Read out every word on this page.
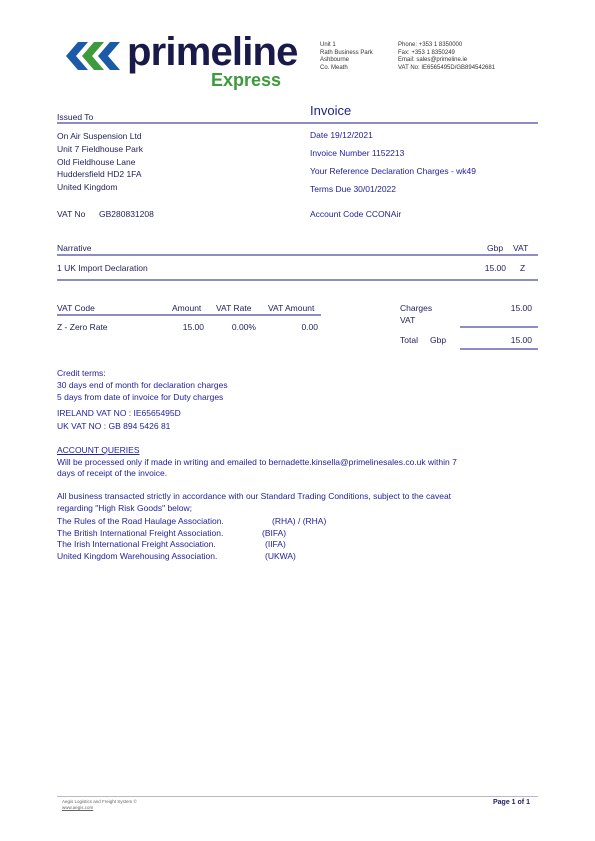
primeline
Express
Unit 1
Rath Business Park
Ashbourne
Co. Meath
Phone: +353 1 8350000
Fax: +353 1 8350249
Email: sales@primeline.ie
VAT No: IE6565495D/GB894542681
Issued To	Invoice
On Air Suspension Ltd
Unit 7 Fieldhouse Park
Old Fieldhouse Lane
Huddersfield HD2 1FA
United Kingdom
VAT No GB280831208
Date 19/12/2021
Invoice Number 1152213
Your Reference Declaration Charges - wk49
Terms Due 30/01/2022
Account Code CCONAir
Narrative	Gbp VAT
1 UK Import Declaration	15.00 Z
VAT Code	Amount VAT Rate VAT Amount
Z - Zero Rate	15.00	0.00%	0.00
Charges	15.00
VAT
Total Gbp	15.00
Credit terms:
30 days end of month for declaration charges
5 days from date of invoice for Duty charges
IRELAND VAT NO : IE6565495D
UK VAT NO : GB 894 5426 81
ACCOUNT QUERIES
Will be processed only if made in writing and emailed to bernadette.kinsella@primelinesales.co.uk within 7
days of receipt of the invoice.
All business transacted strictly in accordance with our Standard Trading Conditions, subject to the caveat
regarding "High Risk Goods" below;
The Rules of the Road Haulage Association.	(RHA) / (RHA)
The British International Freight Association.	(BIFA)
The Irish International Freight Association.	(IIFA)
United Kingdom Warehousing Association.	(UKWA)
Aegis Logistics and Freight System ©
www.aegis.com
Page 1 of 1
